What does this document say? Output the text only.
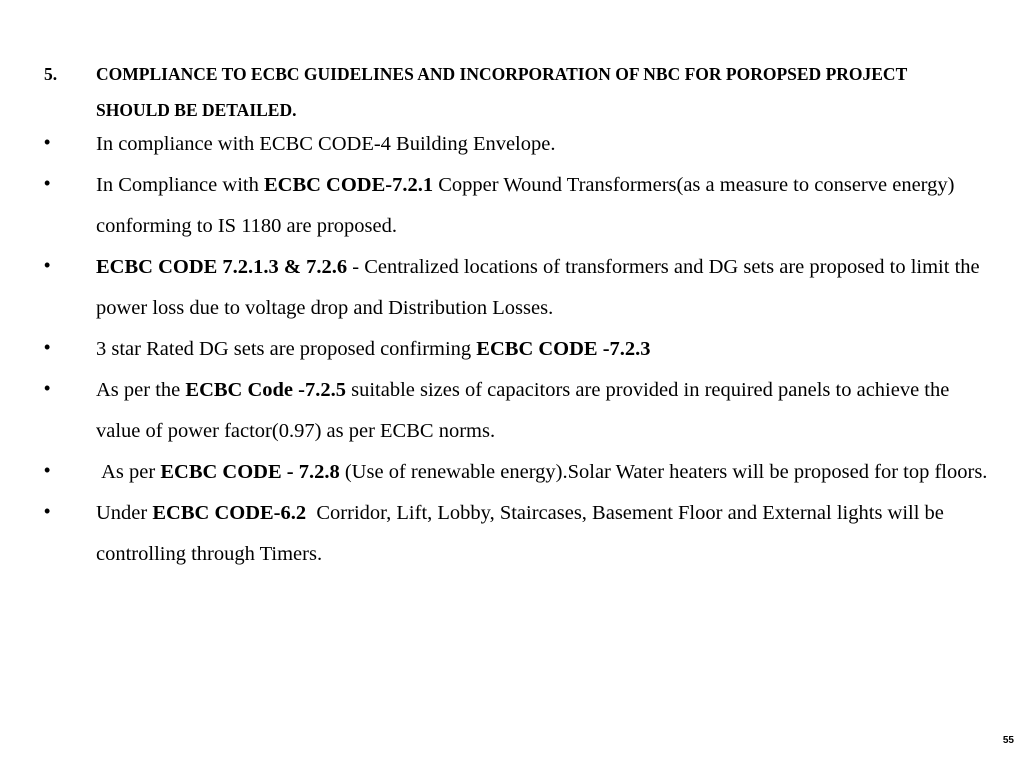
5. COMPLIANCE TO ECBC GUIDELINES AND INCORPORATION OF NBC FOR POROPSED PROJECT SHOULD BE DETAILED.
• In compliance with ECBC CODE-4 Building Envelope.
• In Compliance with ECBC CODE-7.2.1 Copper Wound Transformers(as a measure to conserve energy) conforming to IS 1180 are proposed.
• ECBC CODE 7.2.1.3 & 7.2.6 - Centralized locations of transformers and DG sets are proposed to limit the power loss due to voltage drop and Distribution Losses.
• 3 star Rated DG sets are proposed confirming ECBC CODE -7.2.3
• As per the ECBC Code -7.2.5 suitable sizes of capacitors are provided in required panels to achieve the value of power factor(0.97) as per ECBC norms.
• As per ECBC CODE - 7.2.8 (Use of renewable energy).Solar Water heaters will be proposed for top floors.
• Under ECBC CODE-6.2  Corridor, Lift, Lobby, Staircases, Basement Floor and External lights will be controlling through Timers.
55
